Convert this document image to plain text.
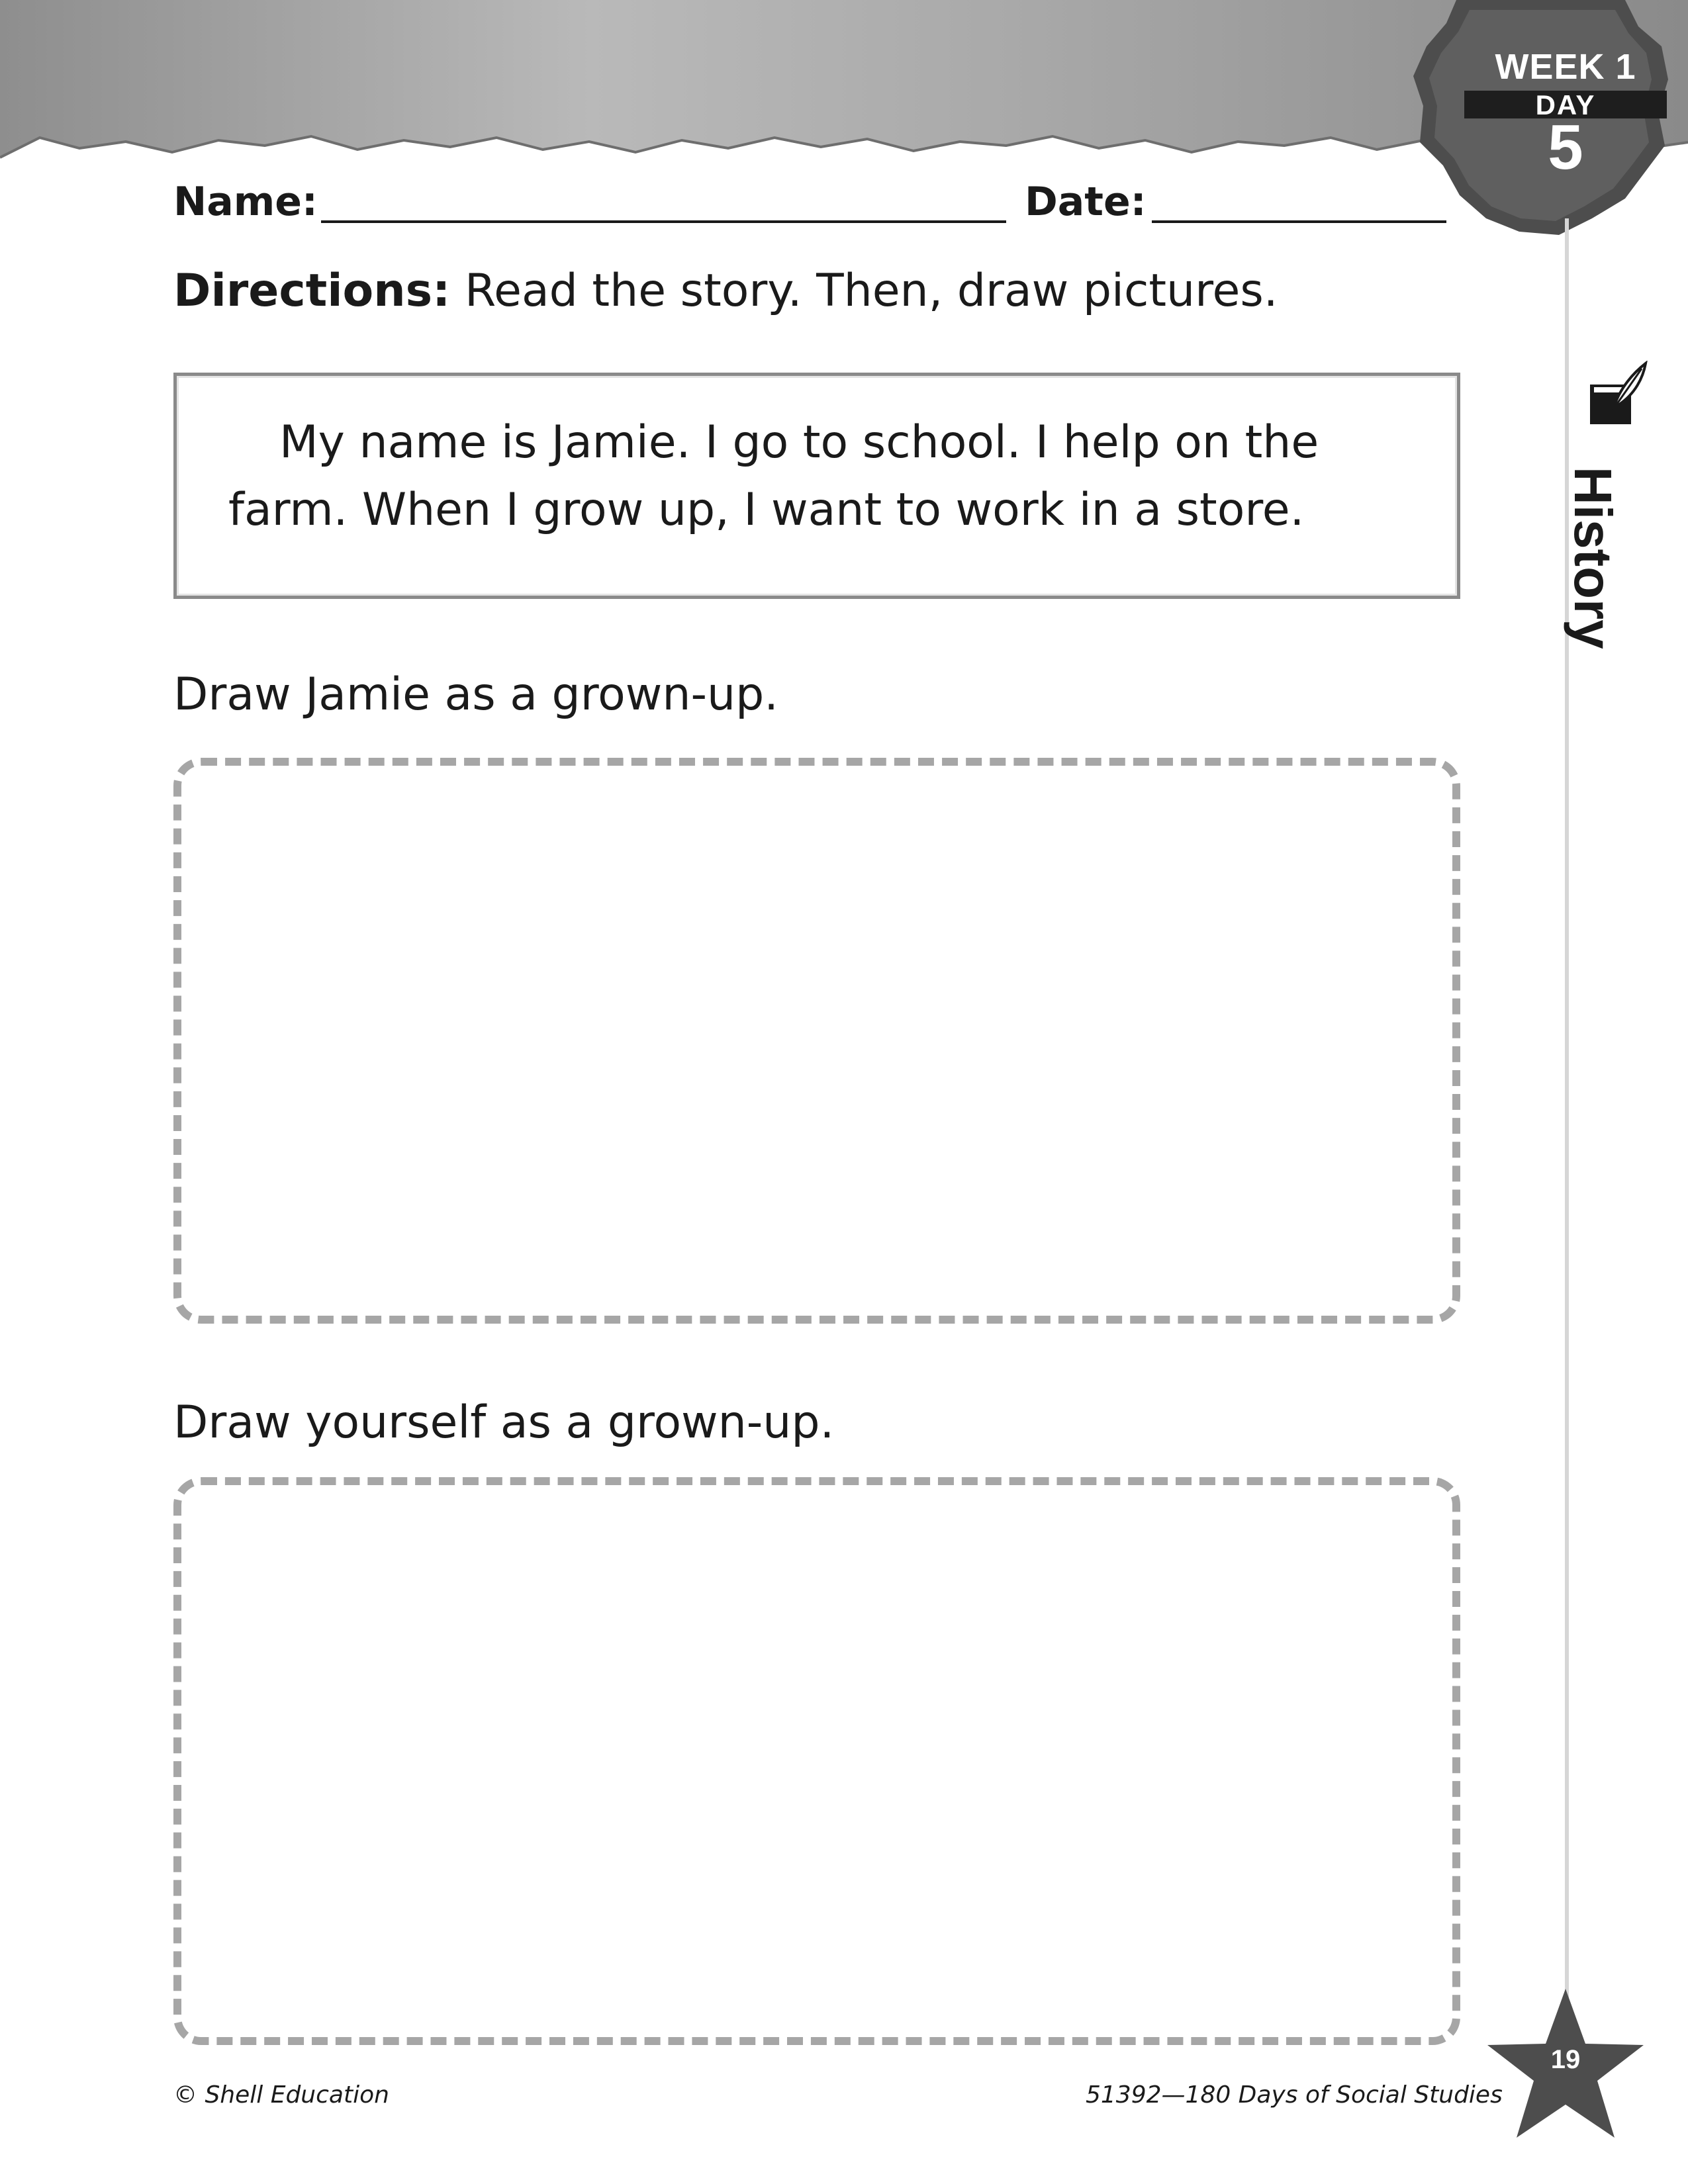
WEEK 1
DAY
5
History
Name:	Date:
Directions: Read the story. Then, draw pictures.
My name is Jamie. I go to school. I help on the
farm. When I grow up, I want to work in a store.
Draw Jamie as a grown-up.
Draw yourself as a grown-up.
© Shell Education	51392—180 Days of Social Studies
19
